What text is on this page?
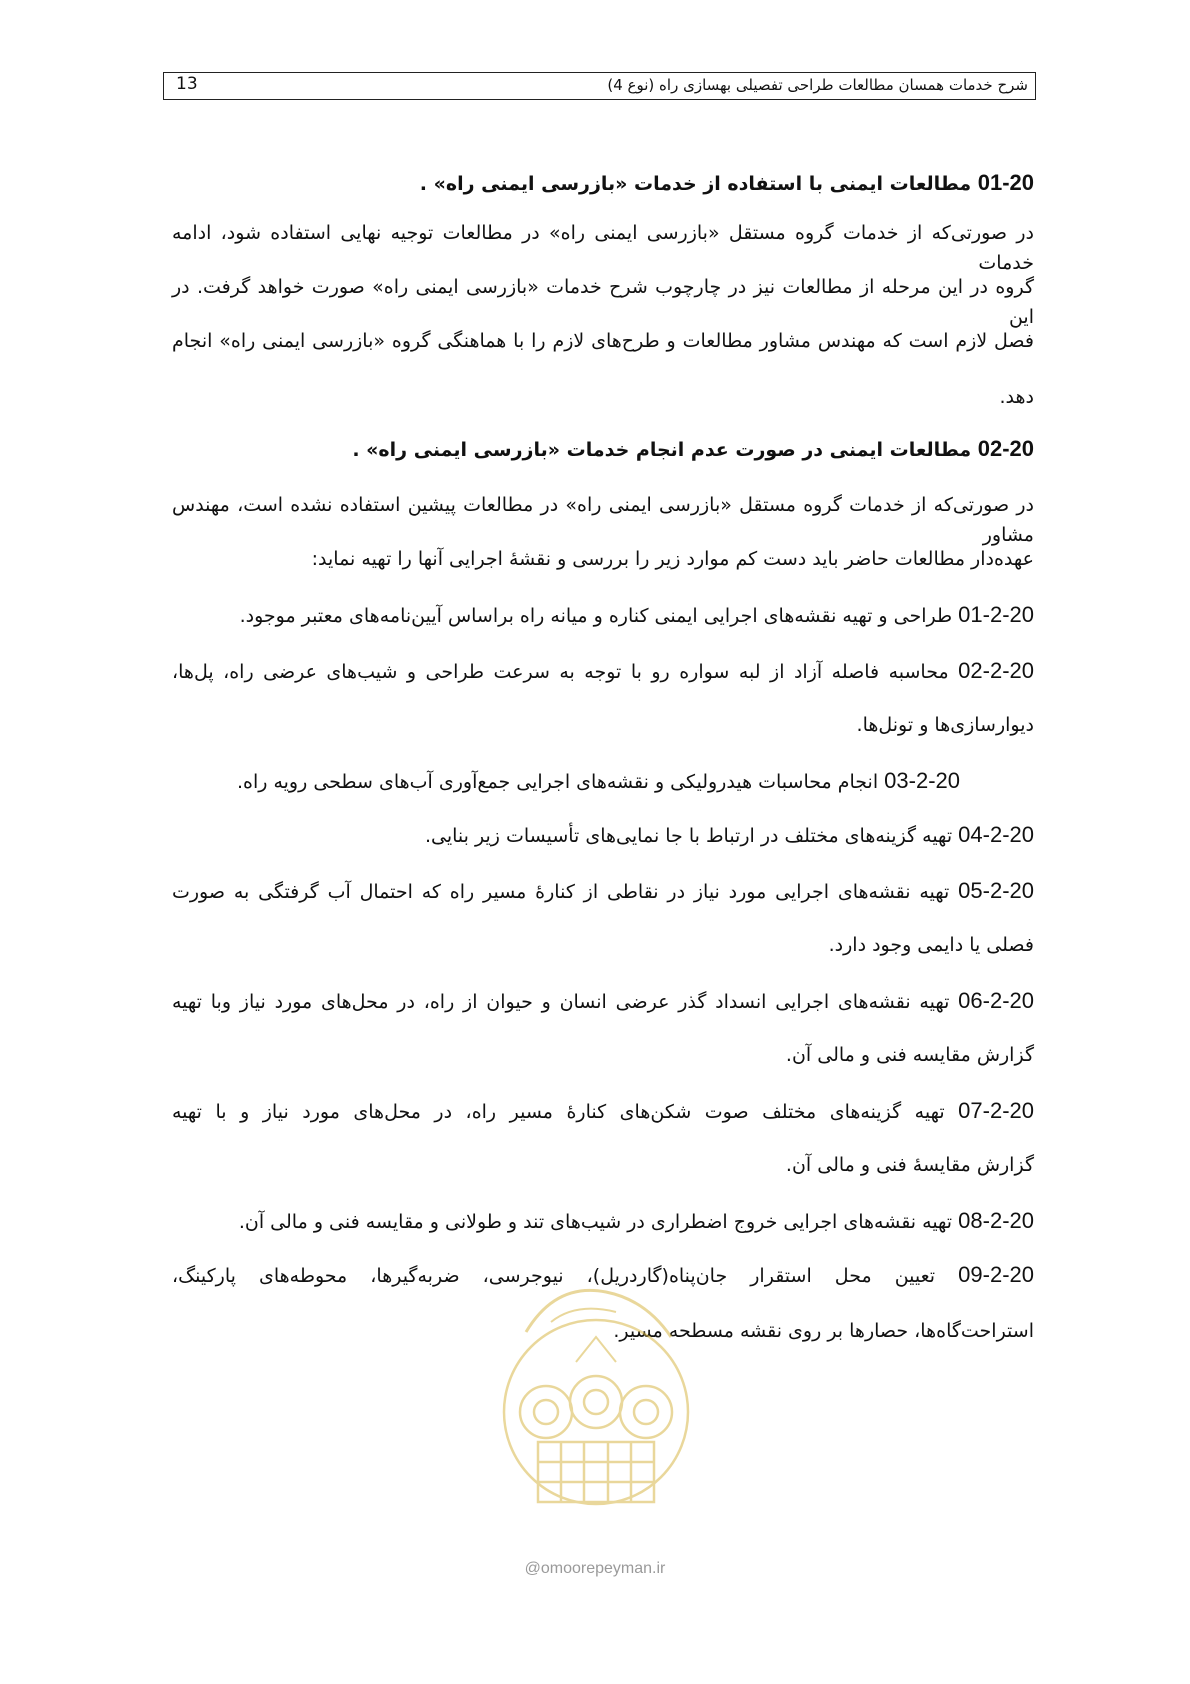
13	شرح خدمات همسان مطالعات طراحی تفصیلی بهسازی راه (نوع 4)
01-20 مطالعات ایمنی با استفاده از خدمات «بازرسی ایمنی راه» .
در صورتی‌که از خدمات گروه مستقل «بازرسی ایمنی راه» در مطالعات توجیه نهایی استفاده شود، ادامه خدمات
گروه در این مرحله از مطالعات نیز در چارچوب شرح خدمات «بازرسی ایمنی راه» صورت خواهد گرفت. در این
فصل لازم است که مهندس مشاور مطالعات و طرح‌های لازم را با هماهنگی گروه «بازرسی ایمنی راه» انجام
دهد.
02-20 مطالعات ایمنی در صورت عدم انجام خدمات «بازرسی ایمنی راه» .
در صورتی‌که از خدمات گروه مستقل «بازرسی ایمنی راه» در مطالعات پیشین استفاده نشده است، مهندس مشاور
عهده‌دار مطالعات حاضر باید دست کم موارد زیر را بررسی و نقشهٔ اجرایی آنها را تهیه نماید:
01-2-20 طراحی و تهیه نقشه‌های اجرایی ایمنی کناره و میانه راه براساس آیین‌نامه‌های معتبر موجود.
02-2-20 محاسبه فاصله آزاد از لبه سواره رو با توجه به سرعت طراحی و شیب‌های عرضی راه، پل‌ها،
دیوارسازی‌ها و تونل‌ها.
03-2-20 انجام محاسبات هیدرولیکی و نقشه‌های اجرایی جمع‌آوری آب‌های سطحی رویه راه.
04-2-20 تهیه گزینه‌های مختلف در ارتباط با جا نمایی‌های تأسیسات زیر بنایی.
05-2-20 تهیه نقشه‌های اجرایی مورد نیاز در نقاطی از کنارهٔ مسیر راه که احتمال آب گرفتگی به صورت
فصلی یا دایمی وجود دارد.
06-2-20 تهیه نقشه‌های اجرایی انسداد گذر عرضی انسان و حیوان از راه، در محل‌های مورد نیاز وبا تهیه
گزارش مقایسه فنی و مالی آن.
07-2-20 تهیه گزینه‌های مختلف صوت شکن‌های کنارهٔ مسیر راه، در محل‌های مورد نیاز و با تهیه
گزارش مقایسهٔ فنی و مالی آن.
08-2-20 تهیه نقشه‌های اجرایی خروج اضطراری در شیب‌های تند و طولانی و مقایسه فنی و مالی آن.
09-2-20 تعیین محل استقرار جان‌پناه(گاردریل)، نیوجرسی، ضربه‌گیرها، محوطه‌های پارکینگ،
استراحت‌گاه‌ها، حصارها بر روی نقشه مسطحه مسیر.
@omoorepeyman.ir
